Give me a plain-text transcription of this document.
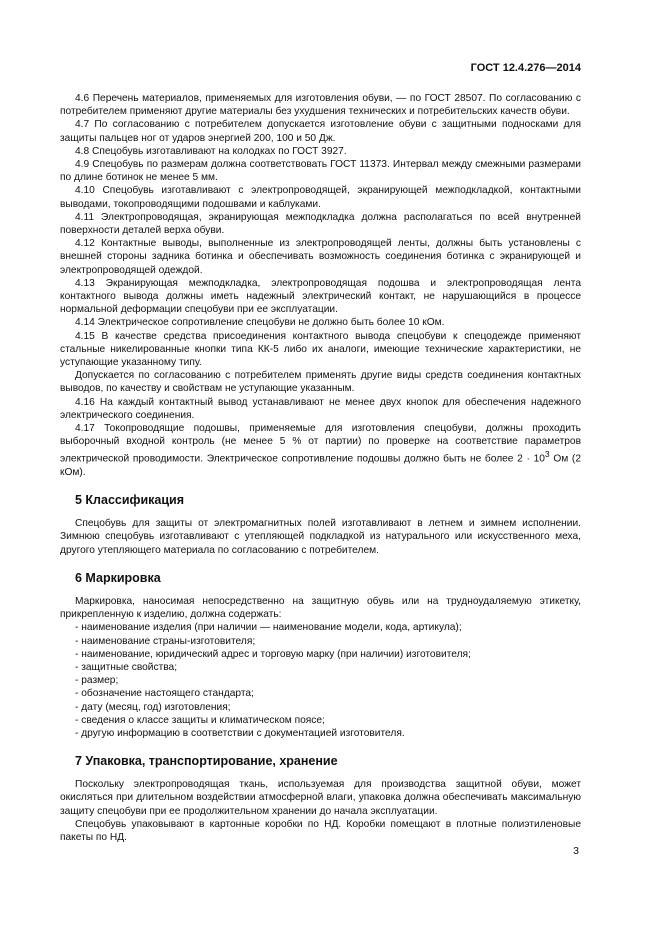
ГОСТ 12.4.276—2014

4.6 Перечень материалов, применяемых для изготовления обуви, — по ГОСТ 28507. По согласованию с потребителем применяют другие материалы без ухудшения технических и потребительских качеств обуви.

4.7 По согласованию с потребителем допускается изготовление обуви с защитными подносками для защиты пальцев ног от ударов энергией 200, 100 и 50 Дж.

4.8 Спецобувь изготавливают на колодках по ГОСТ 3927.

4.9 Спецобувь по размерам должна соответствовать ГОСТ 11373. Интервал между смежными размерами по длине ботинок не менее 5 мм.

4.10 Спецобувь изготавливают с электропроводящей, экранирующей межподкладкой, контактными выводами, токопроводящими подошвами и каблуками.

4.11 Электропроводящая, экранирующая межподкладка должна располагаться по всей внутренней поверхности деталей верха обуви.

4.12 Контактные выводы, выполненные из электропроводящей ленты, должны быть установлены с внешней стороны задника ботинка и обеспечивать возможность соединения ботинка с экранирующей и электропроводящей одеждой.

4.13 Экранирующая межподкладка, электропроводящая подошва и электропроводящая лента контактного вывода должны иметь надежный электрический контакт, не нарушающийся в процессе нормальной деформации спецобуви при ее эксплуатации.

4.14 Электрическое сопротивление спецобуви не должно быть более 10 кОм.

4.15 В качестве средства присоединения контактного вывода спецобуви к спецодежде применяют стальные никелированные кнопки типа КК-5 либо их аналоги, имеющие технические характеристики, не уступающие указанному типу.

Допускается по согласованию с потребителем применять другие виды средств соединения контактных выводов, по качеству и свойствам не уступающие указанным.

4.16 На каждый контактный вывод устанавливают не менее двух кнопок для обеспечения надежного электрического соединения.

4.17 Токопроводящие подошвы, применяемые для изготовления спецобуви, должны проходить выборочный входной контроль (не менее 5 % от партии) по проверке на соответствие параметров электрической проводимости. Электрическое сопротивление подошвы должно быть не более $2 \cdot 10^3$ Ом (2 кОм).

5 Классификация

Спецобувь для защиты от электромагнитных полей изготавливают в летнем и зимнем исполнении. Зимнюю спецобувь изготавливают с утепляющей подкладкой из натурального или искусственного меха, другого утепляющего материала по согласованию с потребителем.

6 Маркировка

Маркировка, наносимая непосредственно на защитную обувь или на трудноудаляемую этикетку, прикрепленную к изделию, должна содержать:

- наименование изделия (при наличии — наименование модели, кода, артикула);
- наименование страны-изготовителя;
- наименование, юридический адрес и торговую марку (при наличии) изготовителя;
- защитные свойства;
- размер;
- обозначение настоящего стандарта;
- дату (месяц, год) изготовления;
- сведения о классе защиты и климатическом поясе;
- другую информацию в соответствии с документацией изготовителя.
7 Упаковка, транспортирование, хранение

Поскольку электропроводящая ткань, используемая для производства защитной обуви, может окисляться при длительном воздействии атмосферной влаги, упаковка должна обеспечивать максимальную защиту спецобуви при ее продолжительном хранении до начала эксплуатации.

Спецобувь упаковывают в картонные коробки по НД. Коробки помещают в плотные полиэтиленовые пакеты по НД.

3
